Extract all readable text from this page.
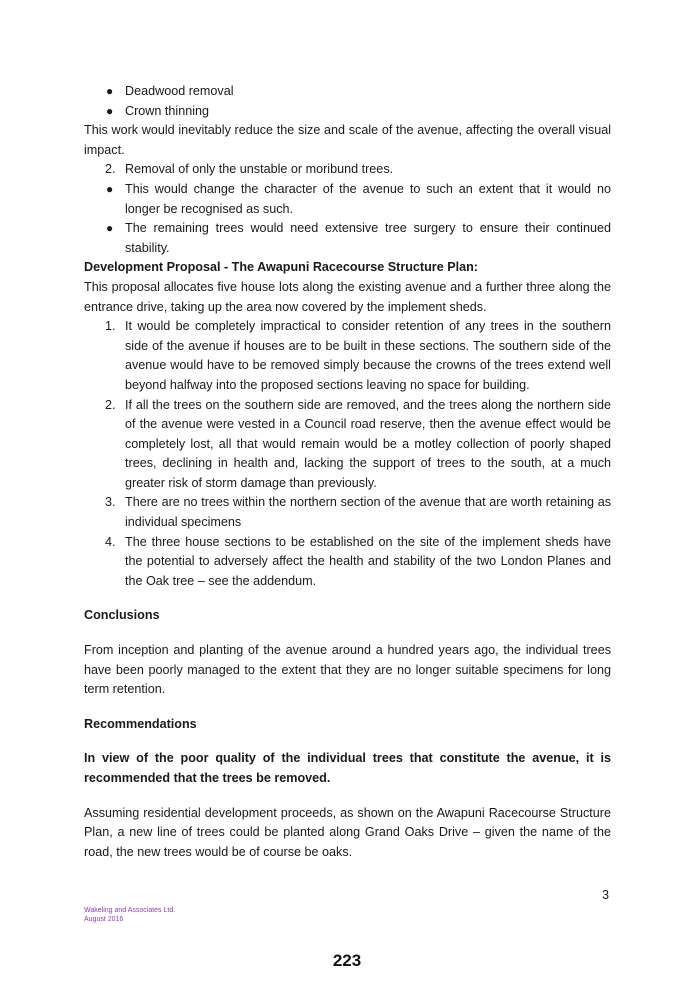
● Deadwood removal
● Crown thinning

This work would inevitably reduce the size and scale of the avenue, affecting the overall visual impact.

2. Removal of only the unstable or moribund trees.
● This would change the character of the avenue to such an extent that it would no longer be recognised as such.
● The remaining trees would need extensive tree surgery to ensure their continued stability.

Development Proposal - The Awapuni Racecourse Structure Plan:

This proposal allocates five house lots along the existing avenue and a further three along the entrance drive, taking up the area now covered by the implement sheds.

1. It would be completely impractical to consider retention of any trees in the southern side of the avenue if houses are to be built in these sections. The southern side of the avenue would have to be removed simply because the crowns of the trees extend well beyond halfway into the proposed sections leaving no space for building.
2. If all the trees on the southern side are removed, and the trees along the northern side of the avenue were vested in a Council road reserve, then the avenue effect would be completely lost, all that would remain would be a motley collection of poorly shaped trees, declining in health and, lacking the support of trees to the south, at a much greater risk of storm damage than previously.
3. There are no trees within the northern section of the avenue that are worth retaining as individual specimens
4. The three house sections to be established on the site of the implement sheds have the potential to adversely affect the health and stability of the two London Planes and the Oak tree – see the addendum.

Conclusions

From inception and planting of the avenue around a hundred years ago, the individual trees have been poorly managed to the extent that they are no longer suitable specimens for long term retention.

Recommendations

In view of the poor quality of the individual trees that constitute the avenue, it is recommended that the trees be removed.

Assuming residential development proceeds, as shown on the Awapuni Racecourse Structure Plan, a new line of trees could be planted along Grand Oaks Drive – given the name of the road, the new trees would be of course be oaks.

3
Wakeling and Associates Ltd.
August 2016
223
